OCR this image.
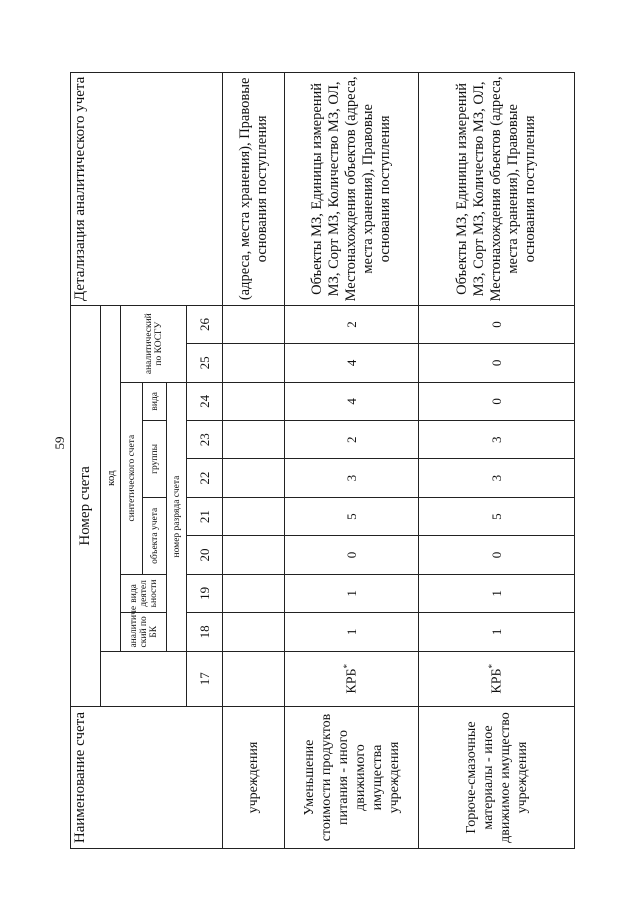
59
Наименование счета	Номер счета										Детализация аналитического учета
		код									
		аналитиче ский по БК	вида деятел ьности	синтетического счета					аналитический по КОСГУ		
				объекта учета		группы		вида			
		номер разряда счета									
	17	18	19	20	21	22	23	24	25	26	
учреждения											(адреса, места хранения), Правовые основания поступления
Уменьшение стоимости продуктов питания - иного движимого имущества учреждения	КРБ*	1	1	0	5	3	2	4	4	2	Объекты МЗ, Единицы измерений МЗ, Сорт МЗ, Количество МЗ, ОЛ, Местонахождения объектов (адреса, места хранения), Правовые основания поступления
Горюче-смазочные материалы - иное движимое имущество учреждения	КРБ*	1	1	0	5	3	3	0	0	0	Объекты МЗ, Единицы измерений МЗ, Сорт МЗ, Количество МЗ, ОЛ, Местонахождения объектов (адреса, места хранения), Правовые основания поступления
